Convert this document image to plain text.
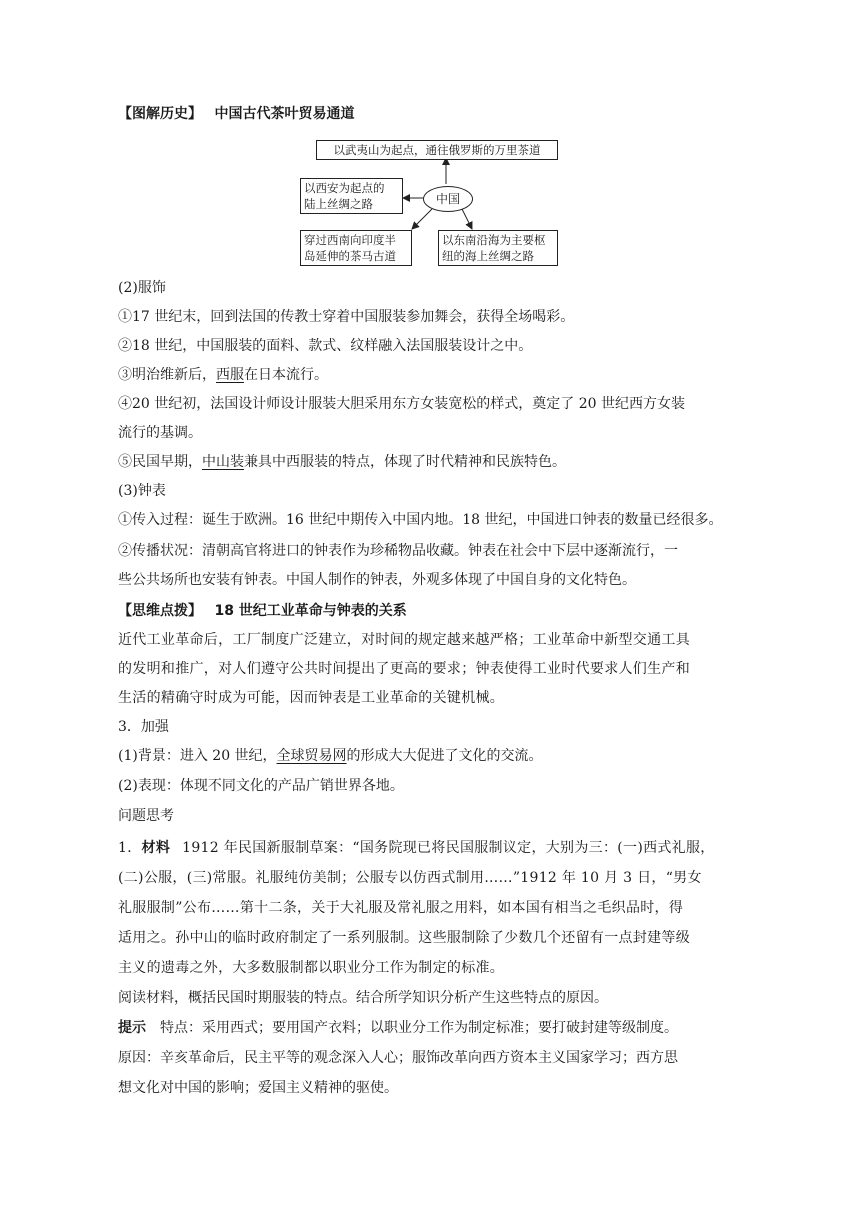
【图解历史】 中国古代茶叶贸易通道
以武夷山为起点，通往俄罗斯的万里茶道
中国
以西安为起点的
陆上丝绸之路
穿过西南向印度半
岛延伸的茶马古道
以东南沿海为主要枢
纽的海上丝绸之路
(2)服饰
①17 世纪末，回到法国的传教士穿着中国服装参加舞会，获得全场喝彩。
②18 世纪，中国服装的面料、款式、纹样融入法国服装设计之中。
③明治维新后，西服在日本流行。
④20 世纪初，法国设计师设计服装大胆采用东方女装宽松的样式，奠定了 20 世纪西方女装
流行的基调。
⑤民国早期，中山装兼具中西服装的特点，体现了时代精神和民族特色。
(3)钟表
①传入过程：诞生于欧洲。16 世纪中期传入中国内地。18 世纪，中国进口钟表的数量已经很多。
②传播状况：清朝高官将进口的钟表作为珍稀物品收藏。钟表在社会中下层中逐渐流行，一
些公共场所也安装有钟表。中国人制作的钟表，外观多体现了中国自身的文化特色。
【思维点拨】 18 世纪工业革命与钟表的关系
近代工业革命后，工厂制度广泛建立，对时间的规定越来越严格；工业革命中新型交通工具
的发明和推广，对人们遵守公共时间提出了更高的要求；钟表使得工业时代要求人们生产和
生活的精确守时成为可能，因而钟表是工业革命的关键机械。
3．加强
(1)背景：进入 20 世纪，全球贸易网的形成大大促进了文化的交流。
(2)表现：体现不同文化的产品广销世界各地。
问题思考
1．材料 1912 年民国新服制草案：“国务院现已将民国服制议定，大别为三：(一)西式礼服，
(二)公服，(三)常服。礼服纯仿美制；公服专以仿西式制用……”1912 年 10 月 3 日，“男女
礼服服制”公布……第十二条，关于大礼服及常礼服之用料，如本国有相当之毛织品时，得
适用之。孙中山的临时政府制定了一系列服制。这些服制除了少数几个还留有一点封建等级
主义的遗毒之外，大多数服制都以职业分工作为制定的标准。
阅读材料，概括民国时期服装的特点。结合所学知识分析产生这些特点的原因。
提示 特点：采用西式；要用国产衣料；以职业分工作为制定标准；要打破封建等级制度。
原因：辛亥革命后，民主平等的观念深入人心；服饰改革向西方资本主义国家学习；西方思
想文化对中国的影响；爱国主义精神的驱使。
